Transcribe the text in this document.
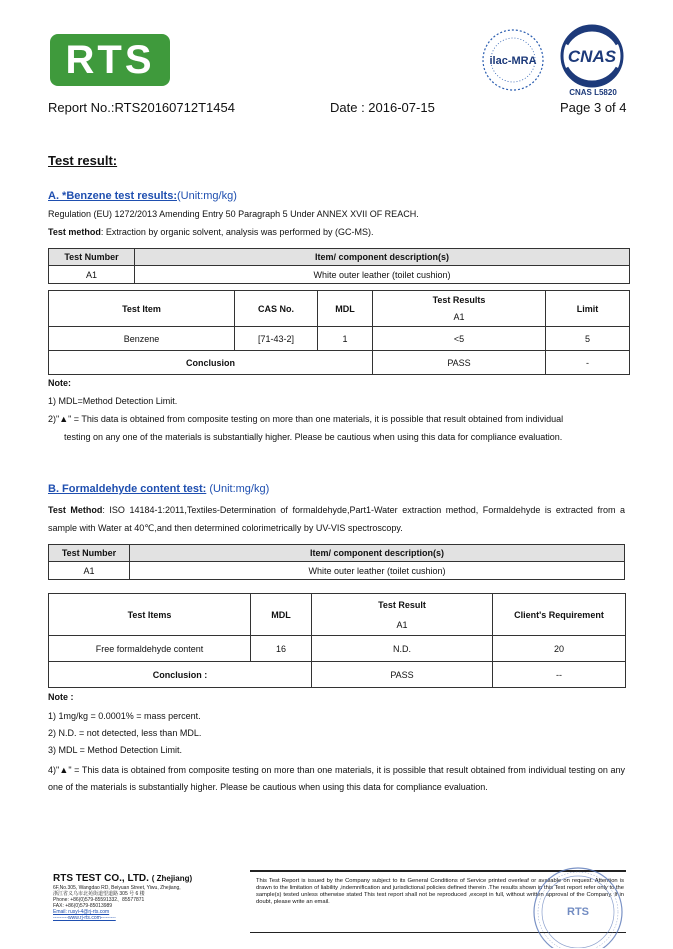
RTS	ilac-MRA CNAS
CNAS L5820
Report No.:RTS20160712T1454	Date : 2016-07-15	Page 3 of 4
Test result:
A. *Benzene test results:(Unit:mg/kg)
Regulation (EU) 1272/2013 Amending Entry 50 Paragraph 5 Under ANNEX XVII OF REACH.
Test method: Extraction by organic solvent, analysis was performed by (GC-MS).
Test Number	Item/ component description(s)
A1	White outer leather (toilet cushion)
Test Item	CAS No.	MDL	Test Results	Limit
			A1	
Benzene	[71-43-2]	1	<5	5
Conclusion			PASS	-
Note:
1) MDL=Method Detection Limit.
2)"▲" = This data is obtained from composite testing on more than one materials, it is possible that result obtained from individual
testing on any one of the materials is substantially higher. Please be cautious when using this data for compliance evaluation.
B. Formaldehyde content test: (Unit:mg/kg)
Test Method: ISO 14184-1:2011,Textiles-Determination of formaldehyde,Part1-Water extraction method, Formaldehyde is extracted from a sample with Water at 40℃,and then determined colorimetrically by UV-VIS spectroscopy.
Test Number	Item/ component description(s)
A1	White outer leather (toilet cushion)
Test Items	MDL	Test Result	Client's Requirement
		A1	
Free formaldehyde content	16	N.D.	20
Conclusion :		PASS	--
Note :
1) 1mg/kg = 0.0001% = mass percent.
2) N.D. = not detected, less than MDL.
3) MDL = Method Detection Limit.
4)"▲" = This data is obtained from composite testing on more than one materials, it is possible that result obtained from individual testing on any one of the materials is substantially higher. Please be cautious when using this data for compliance evaluation.
RTS TEST CO., LTD. ( Zhejiang)
6F,No.305, Wangdao RD, Beiyuan Street, Yiwu, Zhejiang,
浙江省义乌市北苑街道望道路 305 号 6 楼
Phone: +86(0)579-85591332、85577871
FAX: +86(0)579-85013989
Email: rusyi-4@rj-rts.com
---------www.rj-rts.com---------
This Test Report is issued by the Company subject to its General Conditions of Service printed overleaf or available on request. Attention is drawn to the limitation of liability ,indemnification and jurisdictional policies defined therein .The results shown in this Test report refer only to the sample(s) tested unless otherwise stated This test report shall not be reproduced ,except in full, without written approval of the Company. If in doubt, please write an email.
RTS
